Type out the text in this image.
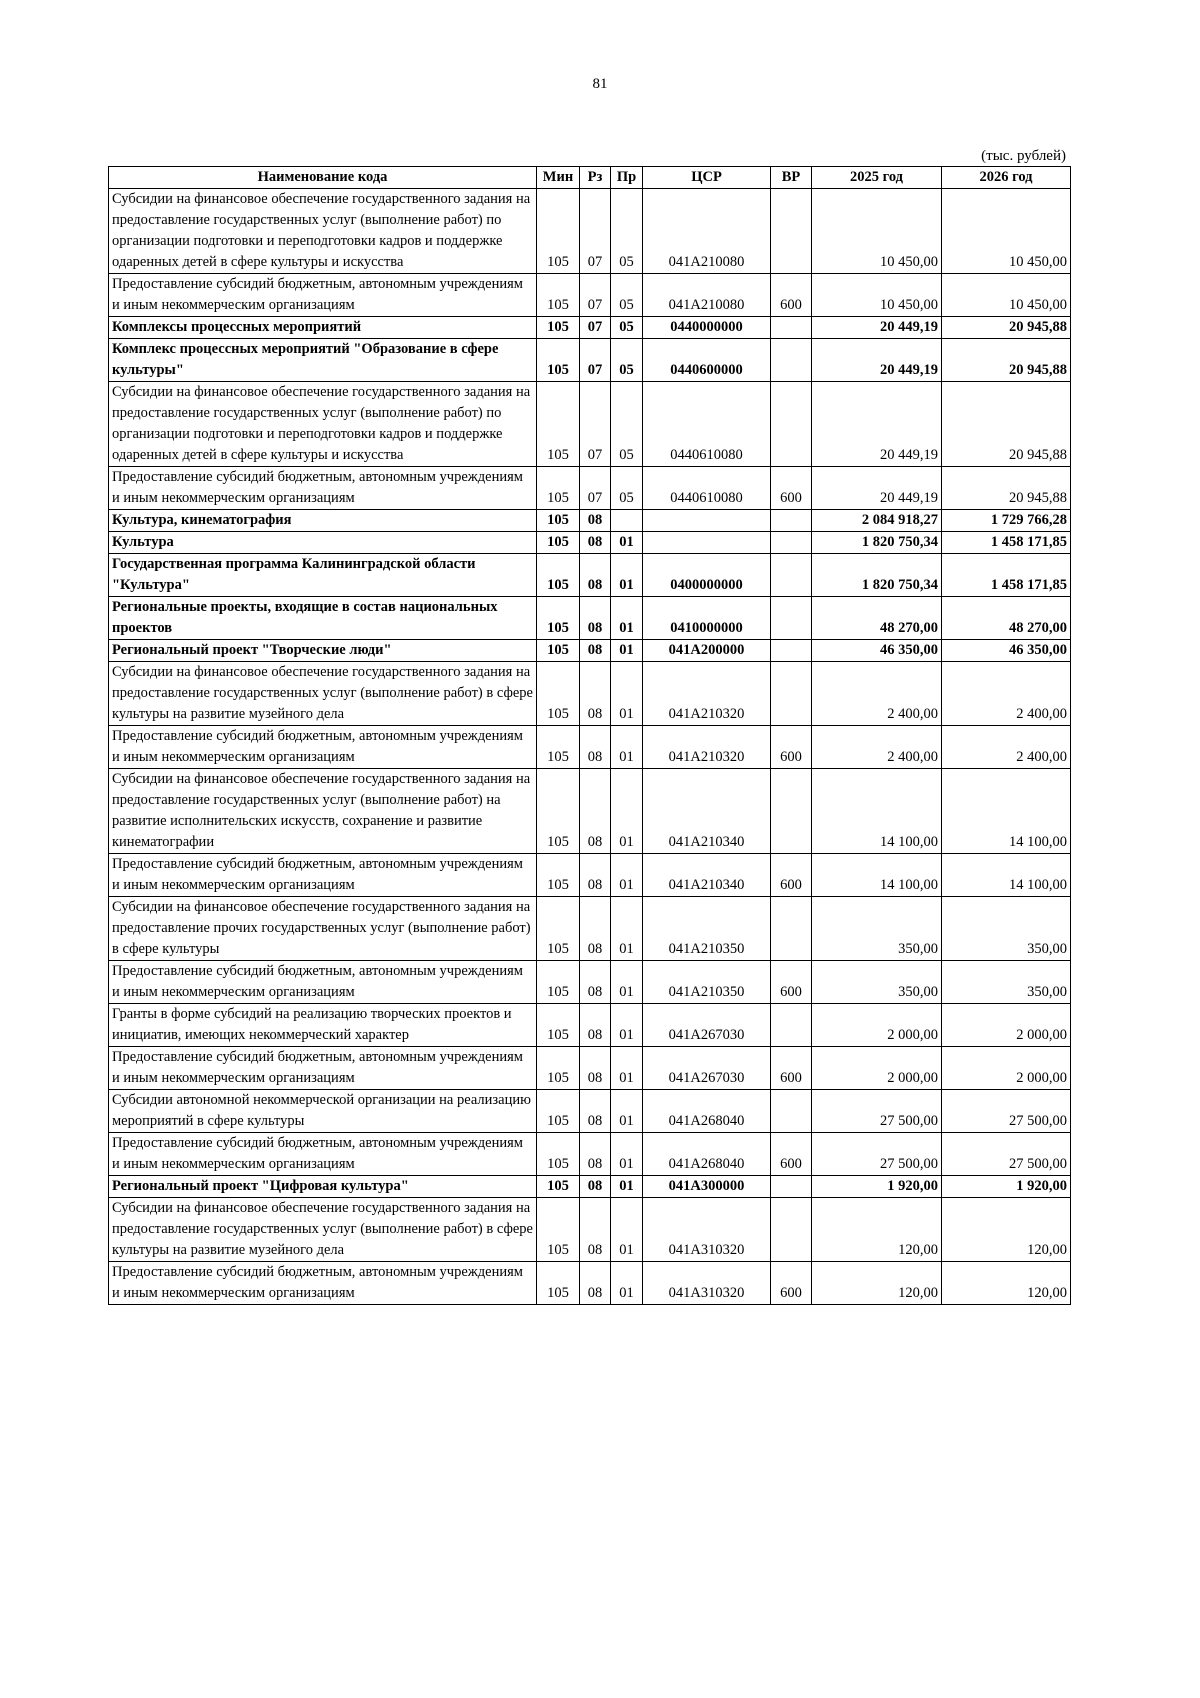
81
(тыс. рублей)
Наименование кода	Мин	Рз	Пр	ЦСР	ВР	2025 год	2026 год
Субсидии на финансовое обеспечение государственного задания на предоставление государственных услуг (выполнение работ) по организации подготовки и переподготовки кадров и поддержке одаренных детей в сфере культуры и искусства	105	07	05	041А210080		10 450,00	10 450,00
Предоставление субсидий бюджетным, автономным учреждениям и иным некоммерческим организациям	105	07	05	041А210080	600	10 450,00	10 450,00
Комплексы процессных мероприятий	105	07	05	0440000000		20 449,19	20 945,88
Комплекс процессных мероприятий "Образование в сфере культуры"	105	07	05	0440600000		20 449,19	20 945,88
Субсидии на финансовое обеспечение государственного задания на предоставление государственных услуг (выполнение работ) по организации подготовки и переподготовки кадров и поддержке одаренных детей в сфере культуры и искусства	105	07	05	0440610080		20 449,19	20 945,88
Предоставление субсидий бюджетным, автономным учреждениям и иным некоммерческим организациям	105	07	05	0440610080	600	20 449,19	20 945,88
Культура, кинематография	105	08				2 084 918,27	1 729 766,28
Культура	105	08	01			1 820 750,34	1 458 171,85
Государственная программа Калининградской области "Культура"	105	08	01	0400000000		1 820 750,34	1 458 171,85
Региональные проекты, входящие в состав национальных проектов	105	08	01	0410000000		48 270,00	48 270,00
Региональный проект "Творческие люди"	105	08	01	041А200000		46 350,00	46 350,00
Субсидии на финансовое обеспечение государственного задания на предоставление государственных услуг (выполнение работ) в сфере культуры на развитие музейного дела	105	08	01	041А210320		2 400,00	2 400,00
Предоставление субсидий бюджетным, автономным учреждениям и иным некоммерческим организациям	105	08	01	041А210320	600	2 400,00	2 400,00
Субсидии на финансовое обеспечение государственного задания на предоставление государственных услуг (выполнение работ) на развитие исполнительских искусств, сохранение и развитие кинематографии	105	08	01	041А210340		14 100,00	14 100,00
Предоставление субсидий бюджетным, автономным учреждениям и иным некоммерческим организациям	105	08	01	041А210340	600	14 100,00	14 100,00
Субсидии на финансовое обеспечение государственного задания на предоставление прочих государственных услуг (выполнение работ) в сфере культуры	105	08	01	041А210350		350,00	350,00
Предоставление субсидий бюджетным, автономным учреждениям и иным некоммерческим организациям	105	08	01	041А210350	600	350,00	350,00
Гранты в форме субсидий на реализацию творческих проектов и инициатив, имеющих некоммерческий характер	105	08	01	041А267030		2 000,00	2 000,00
Предоставление субсидий бюджетным, автономным учреждениям и иным некоммерческим организациям	105	08	01	041А267030	600	2 000,00	2 000,00
Субсидии автономной некоммерческой организации на реализацию мероприятий в сфере культуры	105	08	01	041А268040		27 500,00	27 500,00
Предоставление субсидий бюджетным, автономным учреждениям и иным некоммерческим организациям	105	08	01	041А268040	600	27 500,00	27 500,00
Региональный проект "Цифровая культура"	105	08	01	041А300000		1 920,00	1 920,00
Субсидии на финансовое обеспечение государственного задания на предоставление государственных услуг (выполнение работ) в сфере культуры на развитие музейного дела	105	08	01	041А310320		120,00	120,00
Предоставление субсидий бюджетным, автономным учреждениям и иным некоммерческим организациям	105	08	01	041А310320	600	120,00	120,00
